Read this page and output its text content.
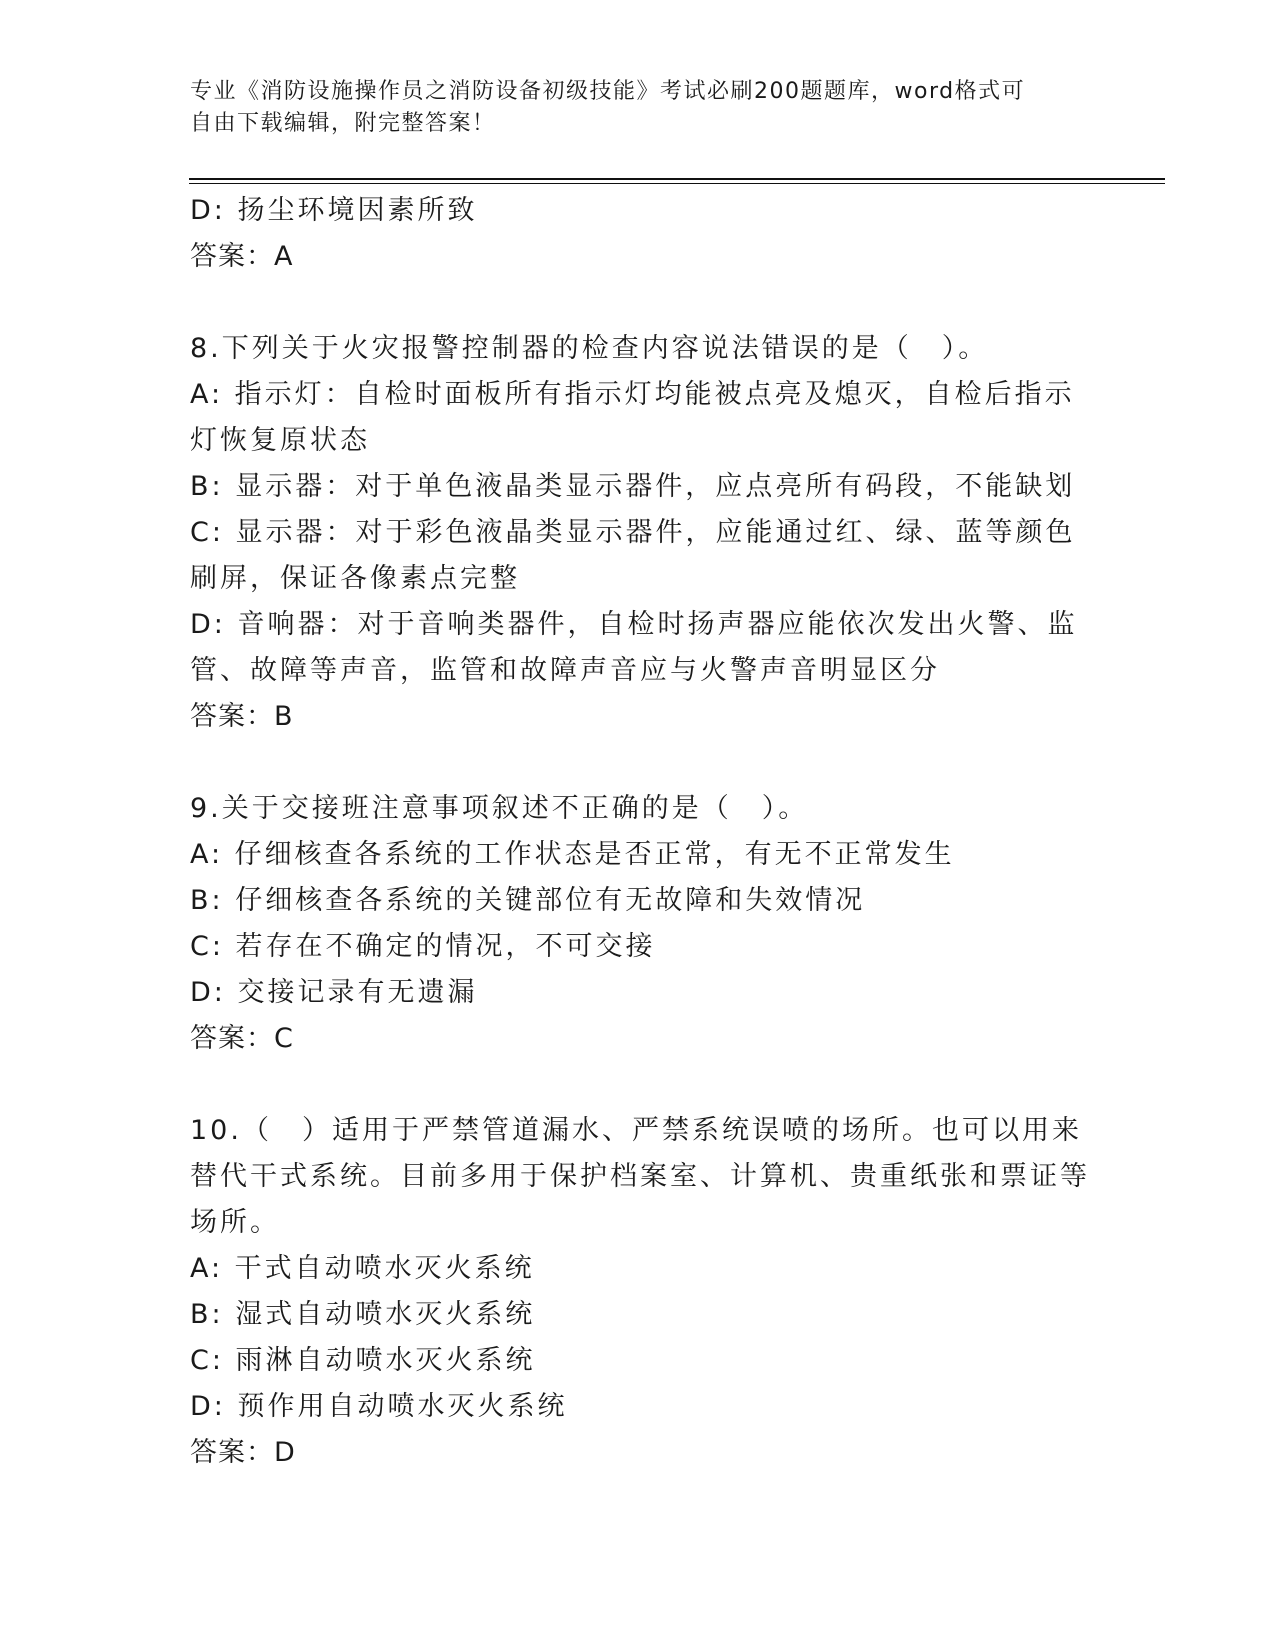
专业《消防设施操作员之消防设备初级技能》考试必刷200题题库，word格式可
自由下载编辑，附完整答案！

D: 扬尘环境因素所致

答案：A

8.下列关于火灾报警控制器的检查内容说法错误的是（　）。

A: 指示灯：自检时面板所有指示灯均能被点亮及熄灭，自检后指示灯恢复原状态

B: 显示器：对于单色液晶类显示器件，应点亮所有码段，不能缺划

C: 显示器：对于彩色液晶类显示器件，应能通过红、绿、蓝等颜色刷屏，保证各像素点完整

D: 音响器：对于音响类器件，自检时扬声器应能依次发出火警、监管、故障等声音，监管和故障声音应与火警声音明显区分

答案：B

9.关于交接班注意事项叙述不正确的是（　）。

A: 仔细核查各系统的工作状态是否正常，有无不正常发生

B: 仔细核查各系统的关键部位有无故障和失效情况

C: 若存在不确定的情况，不可交接

D: 交接记录有无遗漏

答案：C

10.（　）适用于严禁管道漏水、严禁系统误喷的场所。也可以用来替代干式系统。目前多用于保护档案室、计算机、贵重纸张和票证等场所。

A: 干式自动喷水灭火系统

B: 湿式自动喷水灭火系统

C: 雨淋自动喷水灭火系统

D: 预作用自动喷水灭火系统

答案：D
